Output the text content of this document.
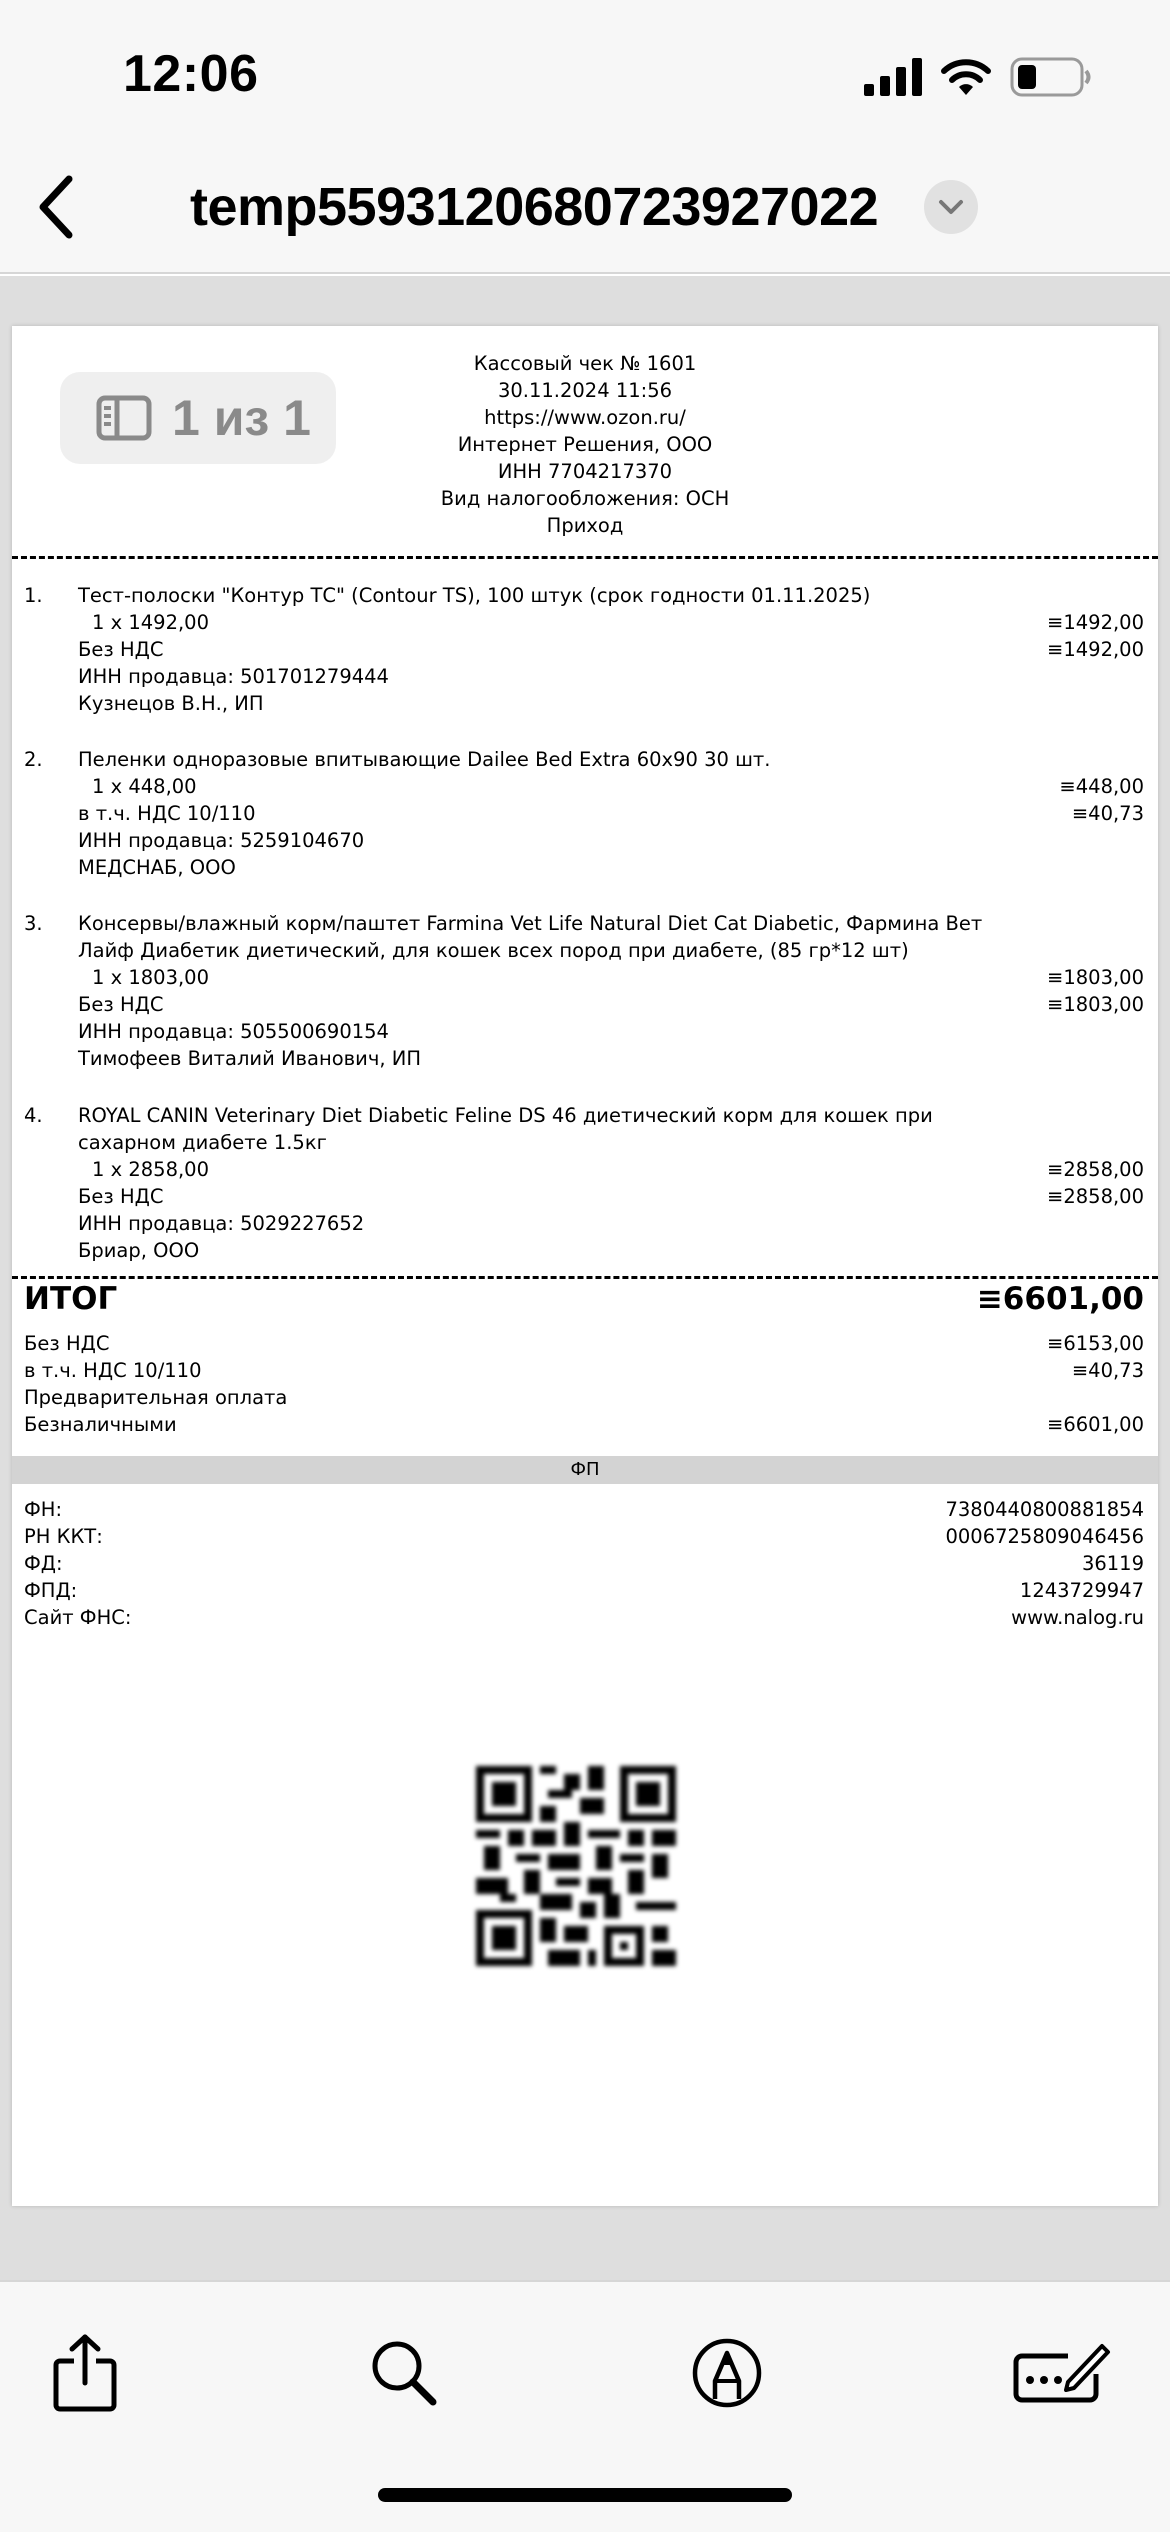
12:06
temp5593120680723927022
1 из 1
Кассовый чек № 1601
30.11.2024 11:56
https://www.ozon.ru/
Интернет Решения, ООО
ИНН 7704217370
Вид налогообложения: ОСН
Приход
1. Тест-полоски "Контур ТС" (Contour TS), 100 штук (срок годности 01.11.2025)
1 x 1492,00	≡1492,00
Без НДС	≡1492,00
ИНН продавца: 501701279444
Кузнецов В.Н., ИП
2. Пеленки одноразовые впитывающие Dailee Bed Extra 60x90 30 шт.
1 x 448,00	≡448,00
в т.ч. НДС 10/110	≡40,73
ИНН продавца: 5259104670
МЕДСНАБ, ООО
3. Консервы/влажный корм/паштет Farmina Vet Life Natural Diet Cat Diabetic, Фармина Вет
Лайф Диабетик диетический, для кошек всех пород при диабете, (85 гр*12 шт)
1 x 1803,00	≡1803,00
Без НДС	≡1803,00
ИНН продавца: 505500690154
Тимофеев Виталий Иванович, ИП
4. ROYAL CANIN Veterinary Diet Diabetic Feline DS 46 диетический корм для кошек при
сахарном диабете 1.5кг
1 x 2858,00	≡2858,00
Без НДС	≡2858,00
ИНН продавца: 5029227652
Бриар, ООО
ИТОГ	≡6601,00
Без НДС	≡6153,00
в т.ч. НДС 10/110	≡40,73
Предварительная оплата
Безналичными	≡6601,00
ФП
ФН:	7380440800881854
РН ККТ:	0006725809046456
ФД:	36119
ФПД:	1243729947
Сайт ФНС:	www.nalog.ru
